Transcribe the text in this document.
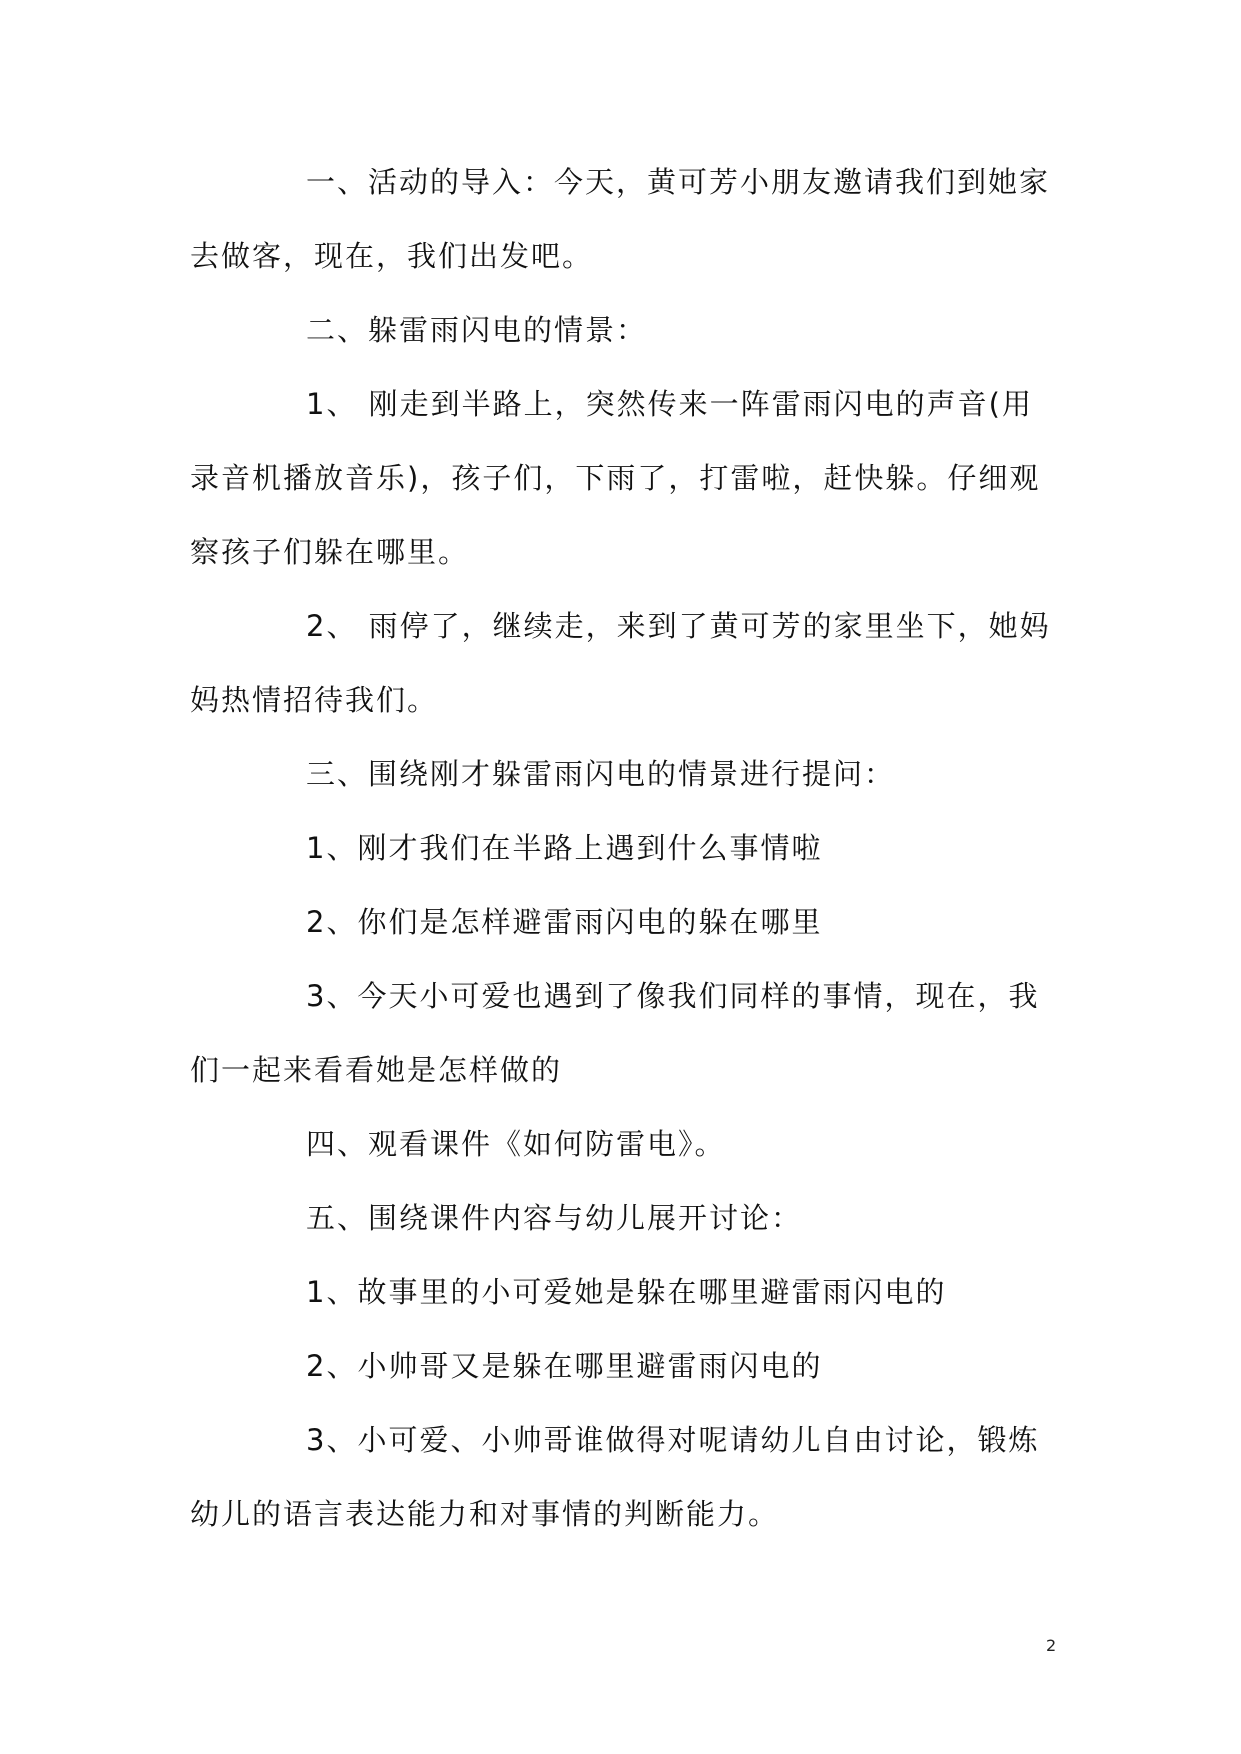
一、活动的导入：今天，黄可芳小朋友邀请我们到她家去做客，现在，我们出发吧。

二、躲雷雨闪电的情景：

1、 刚走到半路上，突然传来一阵雷雨闪电的声音(用录音机播放音乐)，孩子们，下雨了，打雷啦，赶快躲。仔细观察孩子们躲在哪里。

2、 雨停了，继续走，来到了黄可芳的家里坐下，她妈妈热情招待我们。

三、围绕刚才躲雷雨闪电的情景进行提问：

1、刚才我们在半路上遇到什么事情啦

2、你们是怎样避雷雨闪电的躲在哪里

3、今天小可爱也遇到了像我们同样的事情，现在，我们一起来看看她是怎样做的

四、观看课件《如何防雷电》。

五、围绕课件内容与幼儿展开讨论：

1、故事里的小可爱她是躲在哪里避雷雨闪电的

2、小帅哥又是躲在哪里避雷雨闪电的

3、小可爱、小帅哥谁做得对呢请幼儿自由讨论，锻炼幼儿的语言表达能力和对事情的判断能力。

2
